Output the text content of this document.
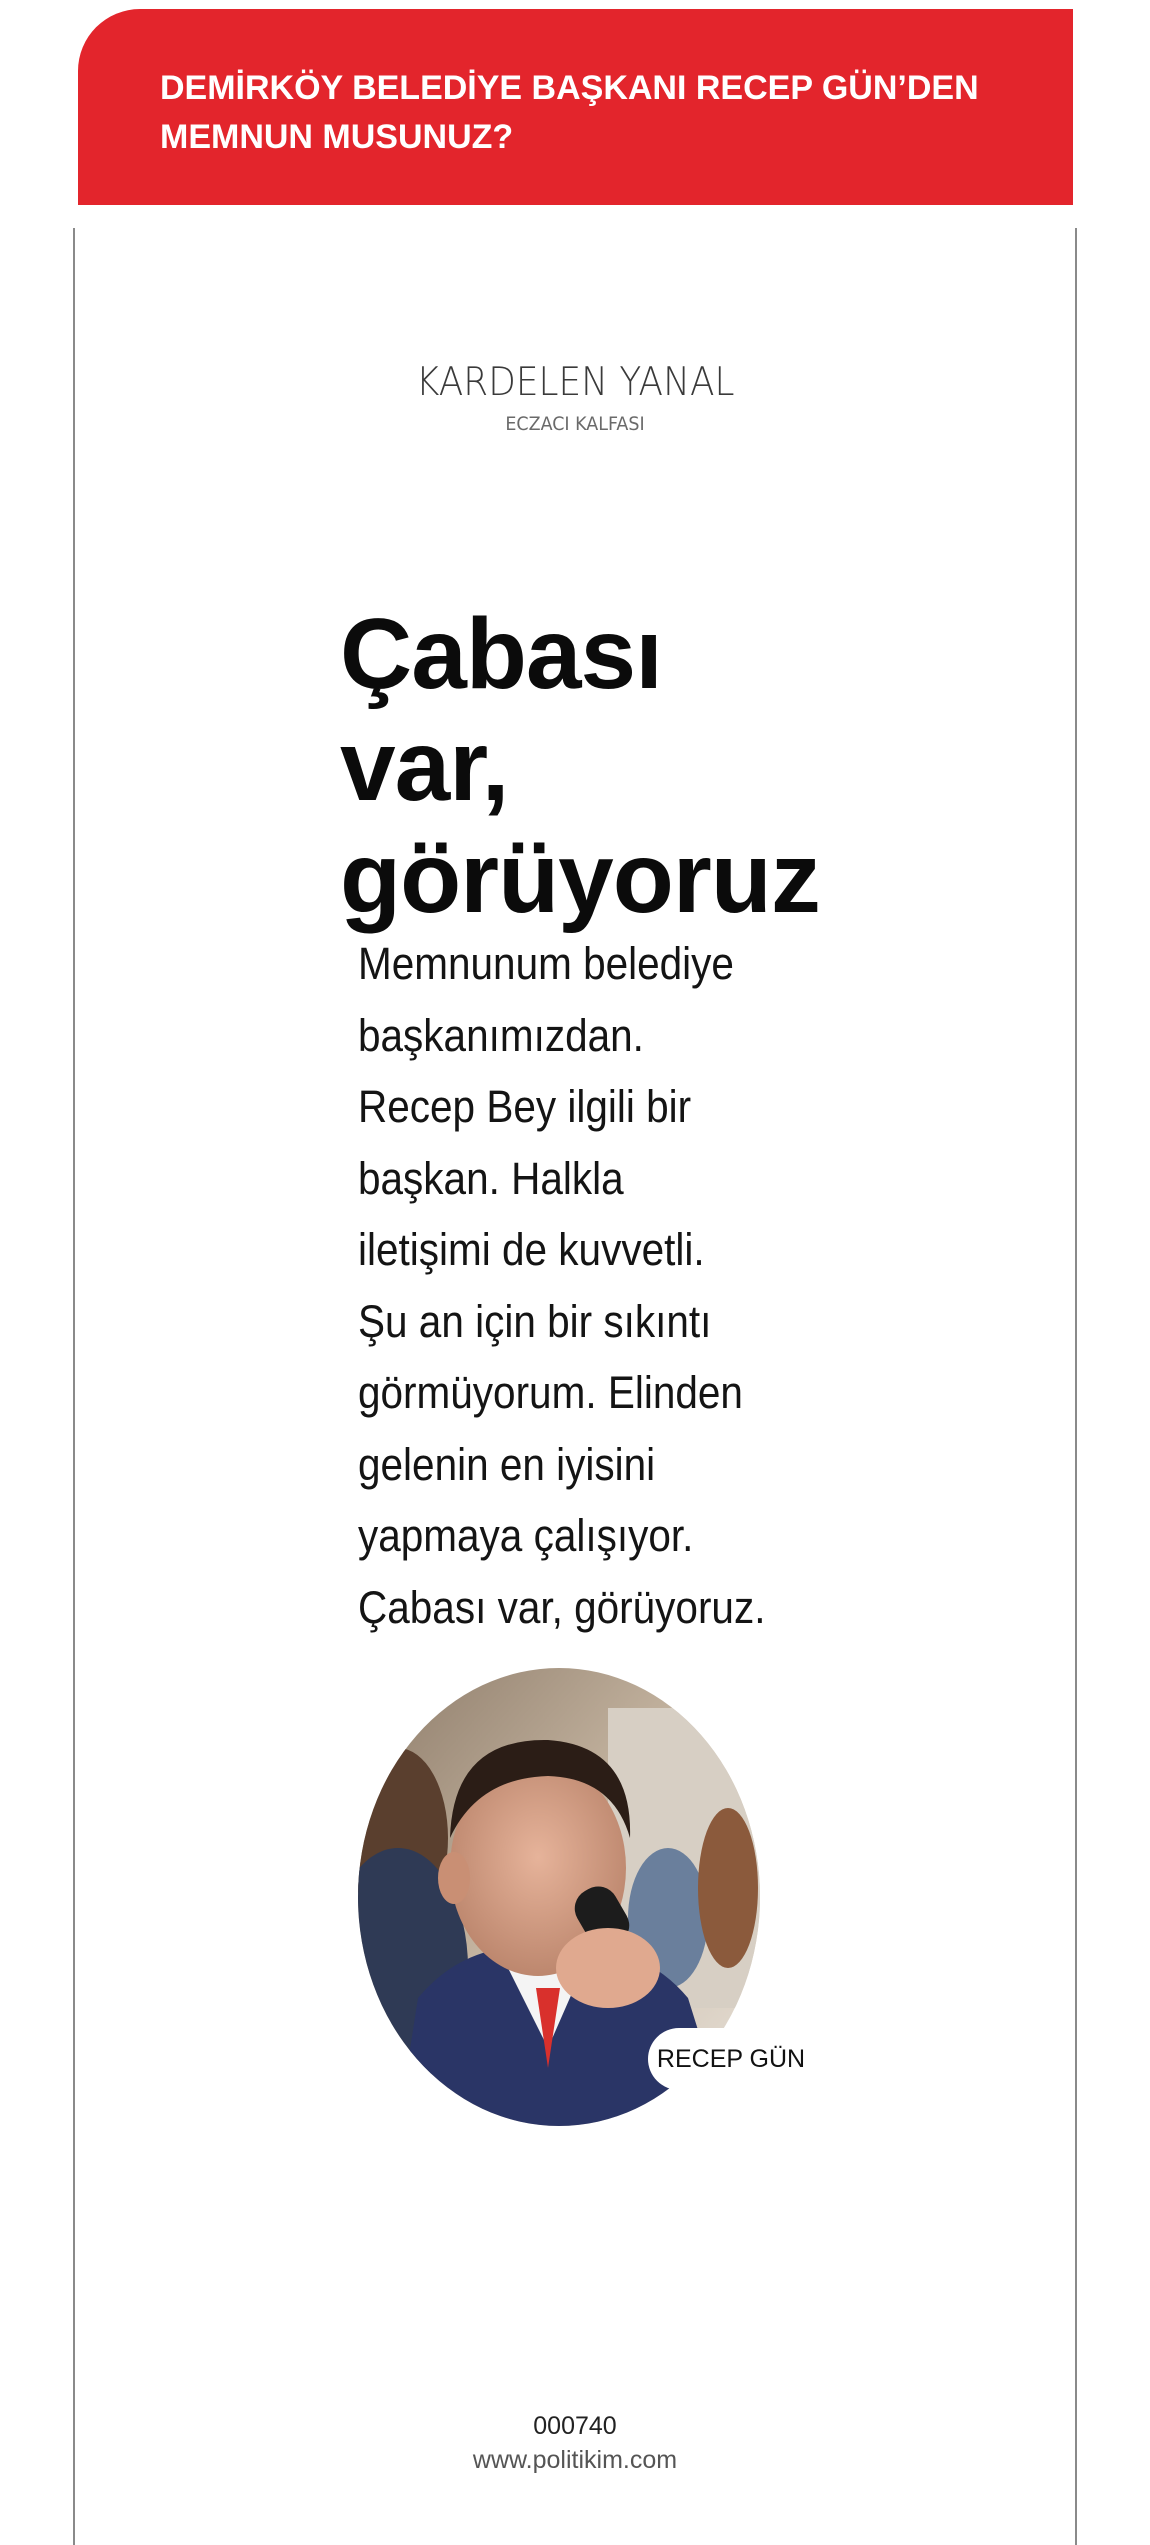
DEMİRKÖY BELEDİYE BAŞKANI RECEP GÜN’DEN MEMNUN MUSUNUZ?
KARDELEN YANAL
ECZACI KALFASI
Çabası
var,
görüyoruz

Memnunum belediye
başkanımızdan.
Recep Bey ilgili bir
başkan. Halkla
iletişimi de kuvvetli.
Şu an için bir sıkıntı
görmüyorum. Elinden
gelenin en iyisini
yapmaya çalışıyor.
Çabası var, görüyoruz.

RECEP GÜN
000740
www.politikim.com
